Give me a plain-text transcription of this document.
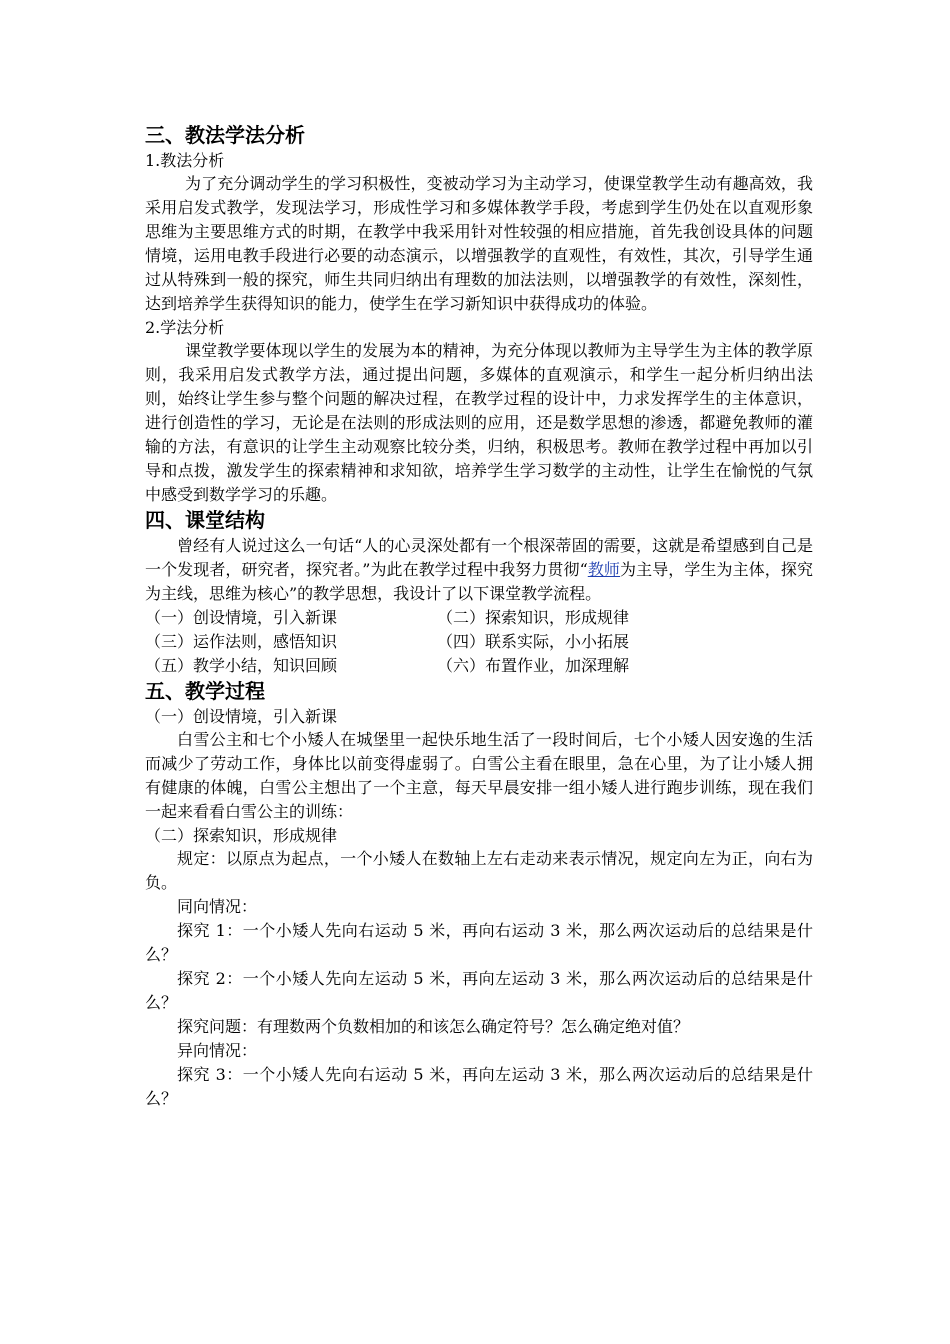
三、教法学法分析
1.教法分析
为了充分调动学生的学习积极性，变被动学习为主动学习，使课堂教学生动有趣高效，我采用启发式教学，发现法学习，形成性学习和多媒体教学手段，考虑到学生仍处在以直观形象思维为主要思维方式的时期，在教学中我采用针对性较强的相应措施，首先我创设具体的问题情境，运用电教手段进行必要的动态演示，以增强教学的直观性，有效性，其次，引导学生通过从特殊到一般的探究，师生共同归纳出有理数的加法法则，以增强教学的有效性，深刻性，达到培养学生获得知识的能力，使学生在学习新知识中获得成功的体验。
2.学法分析
课堂教学要体现以学生的发展为本的精神，为充分体现以教师为主导学生为主体的教学原则，我采用启发式教学方法，通过提出问题，多媒体的直观演示，和学生一起分析归纳出法则，始终让学生参与整个问题的解决过程，在教学过程的设计中，力求发挥学生的主体意识，进行创造性的学习，无论是在法则的形成法则的应用，还是数学思想的渗透，都避免教师的灌输的方法，有意识的让学生主动观察比较分类，归纳，积极思考。教师在教学过程中再加以引导和点拨，激发学生的探索精神和求知欲，培养学生学习数学的主动性，让学生在愉悦的气氛中感受到数学学习的乐趣。
四、课堂结构
曾经有人说过这么一句话“人的心灵深处都有一个根深蒂固的需要，这就是希望感到自己是一个发现者，研究者，探究者。”为此在教学过程中我努力贯彻“教师为主导，学生为主体，探究为主线，思维为核心”的教学思想，我设计了以下课堂教学流程。
（一）创设情境，引入新课	（二）探索知识，形成规律
（三）运作法则，感悟知识	（四）联系实际，小小拓展
（五）教学小结，知识回顾	（六）布置作业，加深理解
五、教学过程
（一）创设情境，引入新课
白雪公主和七个小矮人在城堡里一起快乐地生活了一段时间后，七个小矮人因安逸的生活而减少了劳动工作，身体比以前变得虚弱了。白雪公主看在眼里，急在心里，为了让小矮人拥有健康的体魄，白雪公主想出了一个主意，每天早晨安排一组小矮人进行跑步训练，现在我们一起来看看白雪公主的训练：
（二）探索知识，形成规律
规定：以原点为起点，一个小矮人在数轴上左右走动来表示情况，规定向左为正，向右为负。
同向情况：
探究 1：一个小矮人先向右运动 5 米，再向右运动 3 米，那么两次运动后的总结果是什么？
探究 2：一个小矮人先向左运动 5 米，再向左运动 3 米，那么两次运动后的总结果是什么？
探究问题：有理数两个负数相加的和该怎么确定符号？怎么确定绝对值？
异向情况：
探究 3：一个小矮人先向右运动 5 米，再向左运动 3 米，那么两次运动后的总结果是什么？
